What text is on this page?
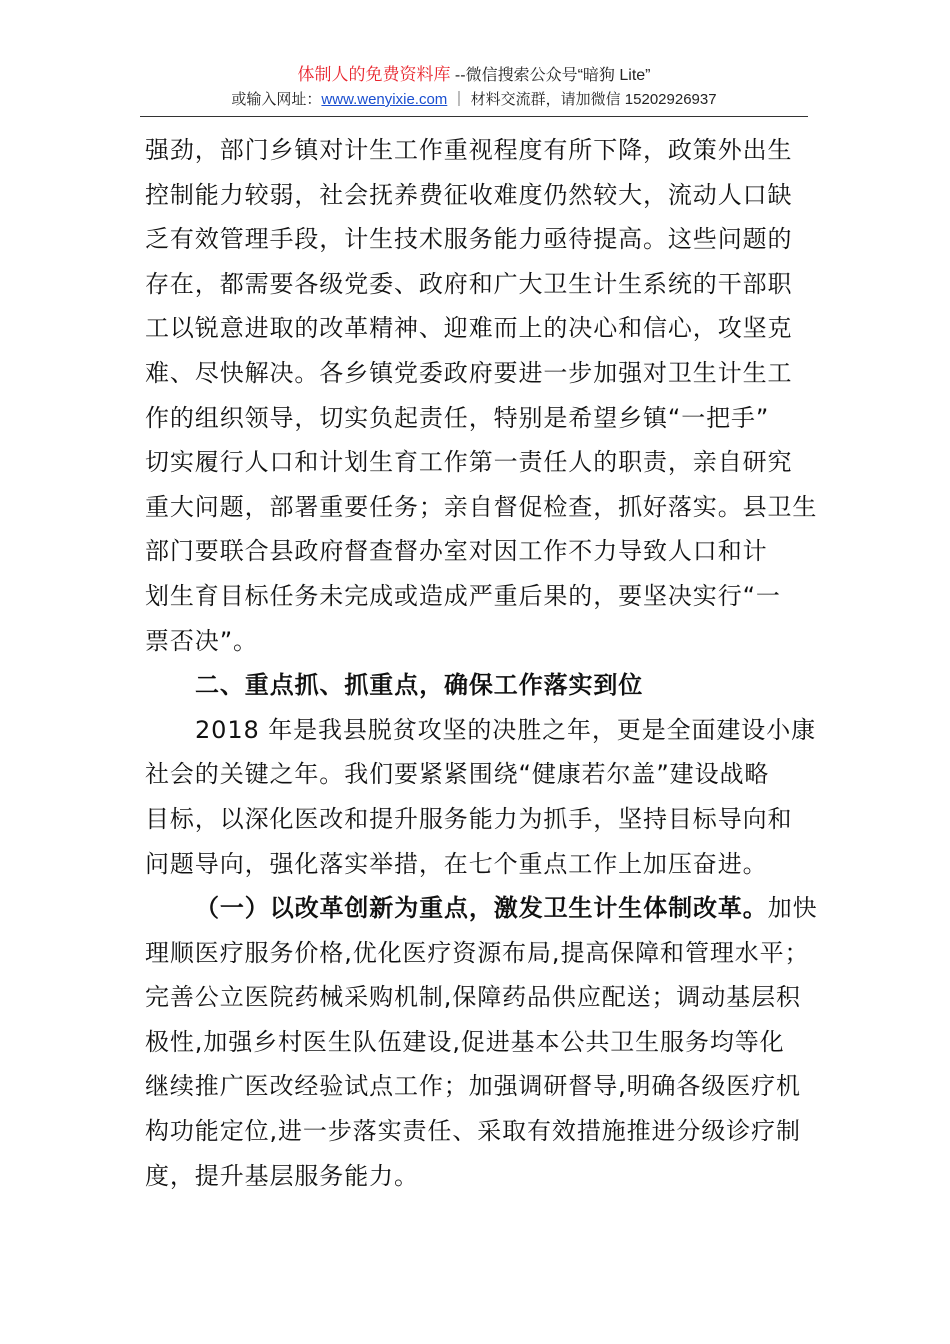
体制人的免费资料库 --微信搜索公众号“暗狗 Lite”
或输入网址：www.wenyixie.com ｜ 材料交流群，请加微信 15202926937
强劲，部门乡镇对计生工作重视程度有所下降，政策外出生
控制能力较弱，社会抚养费征收难度仍然较大，流动人口缺
乏有效管理手段，计生技术服务能力亟待提高。这些问题的
存在，都需要各级党委、政府和广大卫生计生系统的干部职
工以锐意进取的改革精神、迎难而上的决心和信心，攻坚克
难、尽快解决。各乡镇党委政府要进一步加强对卫生计生工
作的组织领导，切实负起责任，特别是希望乡镇“一把手”
切实履行人口和计划生育工作第一责任人的职责，亲自研究
重大问题，部署重要任务；亲自督促检查，抓好落实。县卫生
部门要联合县政府督查督办室对因工作不力导致人口和计
划生育目标任务未完成或造成严重后果的，要坚决实行“一
票否决”。
二、重点抓、抓重点，确保工作落实到位
2018 年是我县脱贫攻坚的决胜之年，更是全面建设小康
社会的关键之年。我们要紧紧围绕“健康若尔盖”建设战略
目标，以深化医改和提升服务能力为抓手，坚持目标导向和
问题导向，强化落实举措，在七个重点工作上加压奋进。
（一）以改革创新为重点，激发卫生计生体制改革。加快
理顺医疗服务价格,优化医疗资源布局,提高保障和管理水平；
完善公立医院药械采购机制,保障药品供应配送；调动基层积
极性,加强乡村医生队伍建设,促进基本公共卫生服务均等化
继续推广医改经验试点工作；加强调研督导,明确各级医疗机
构功能定位,进一步落实责任、采取有效措施推进分级诊疗制
度，提升基层服务能力。
